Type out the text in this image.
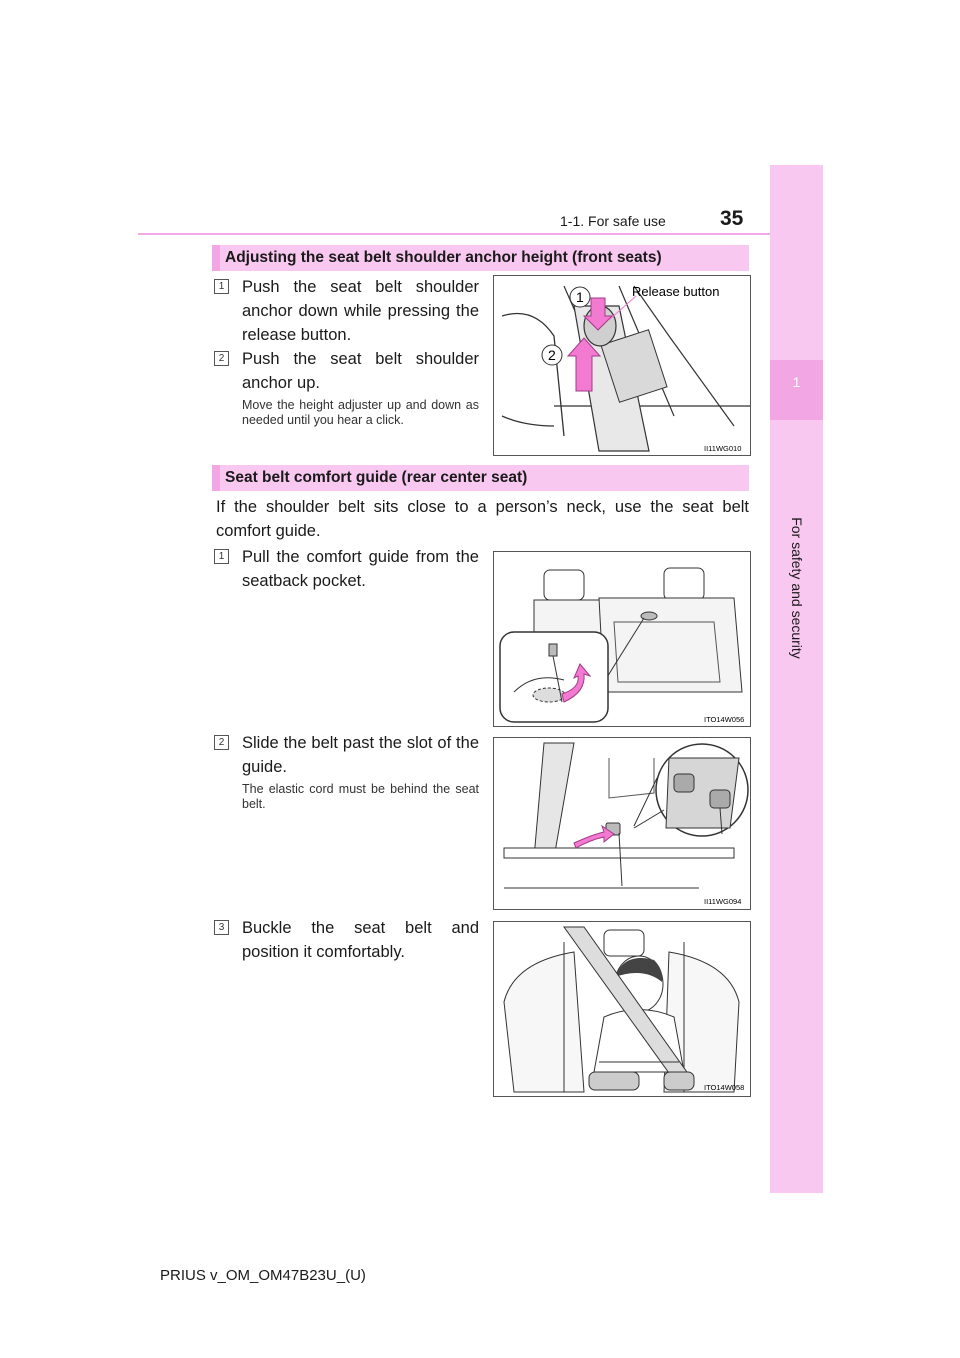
1-1. For safe use	35
1
For safety and security
Adjusting the seat belt shoulder anchor height (front seats)
1 Push the seat belt shoulder anchor down while pressing the release button.
2 Push the seat belt shoulder anchor up.
Move the height adjuster up and down as needed until you hear a click.
1
2
Release button
II11WG010
Seat belt comfort guide (rear center seat)
If the shoulder belt sits close to a person’s neck, use the seat belt comfort guide.
1 Pull the comfort guide from the seatback pocket.
ITO14W056
2 Slide the belt past the slot of the guide.
The elastic cord must be behind the seat belt.
II11WG094
3 Buckle the seat belt and position it comfortably.
ITO14W058
PRIUS v_OM_OM47B23U_(U)
